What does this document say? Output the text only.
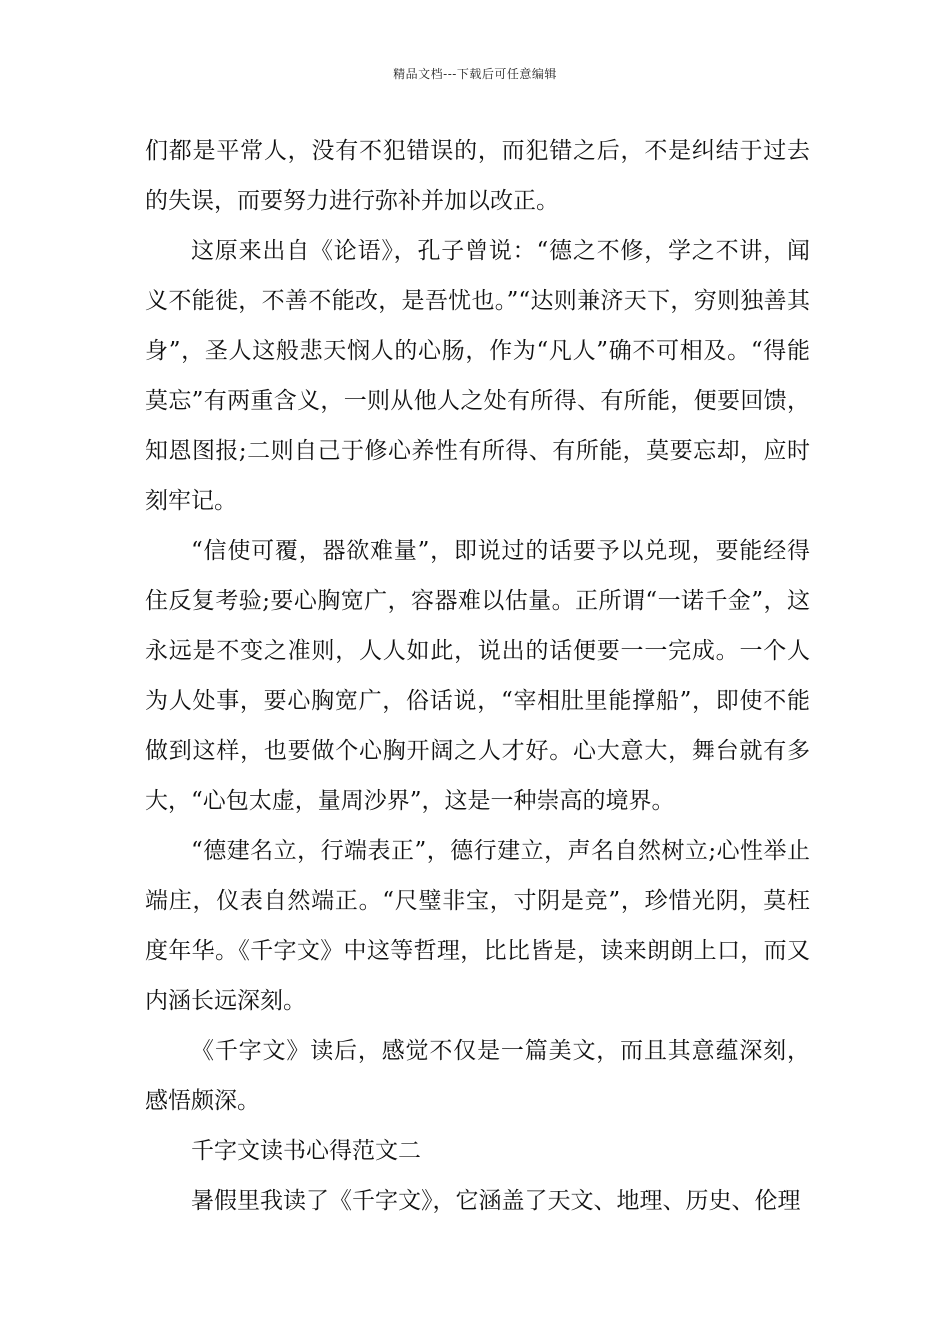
精品文档---下载后可任意编辑

们都是平常人，没有不犯错误的，而犯错之后，不是纠结于过去的失误，而要努力进行弥补并加以改正。

这原来出自《论语》，孔子曾说：“德之不修，学之不讲，闻义不能徙，不善不能改，是吾忧也。”“达则兼济天下，穷则独善其身”，圣人这般悲天悯人的心肠，作为“凡人”确不可相及。“得能莫忘”有两重含义，一则从他人之处有所得、有所能，便要回馈，知恩图报;二则自己于修心养性有所得、有所能，莫要忘却，应时刻牢记。

“信使可覆，器欲难量”，即说过的话要予以兑现，要能经得住反复考验;要心胸宽广，容器难以估量。正所谓“一诺千金”，这永远是不变之准则，人人如此，说出的话便要一一完成。一个人为人处事，要心胸宽广，俗话说，“宰相肚里能撑船”，即使不能做到这样，也要做个心胸开阔之人才好。心大意大，舞台就有多大，“心包太虚，量周沙界”，这是一种崇高的境界。

“德建名立，行端表正”，德行建立，声名自然树立;心性举止端庄，仪表自然端正。“尺璧非宝，寸阴是竞”，珍惜光阴，莫枉度年华。《千字文》中这等哲理，比比皆是，读来朗朗上口，而又内涵长远深刻。

《千字文》读后，感觉不仅是一篇美文，而且其意蕴深刻，感悟颇深。

千字文读书心得范文二

暑假里我读了《千字文》，它涵盖了天文、地理、历史、伦理
